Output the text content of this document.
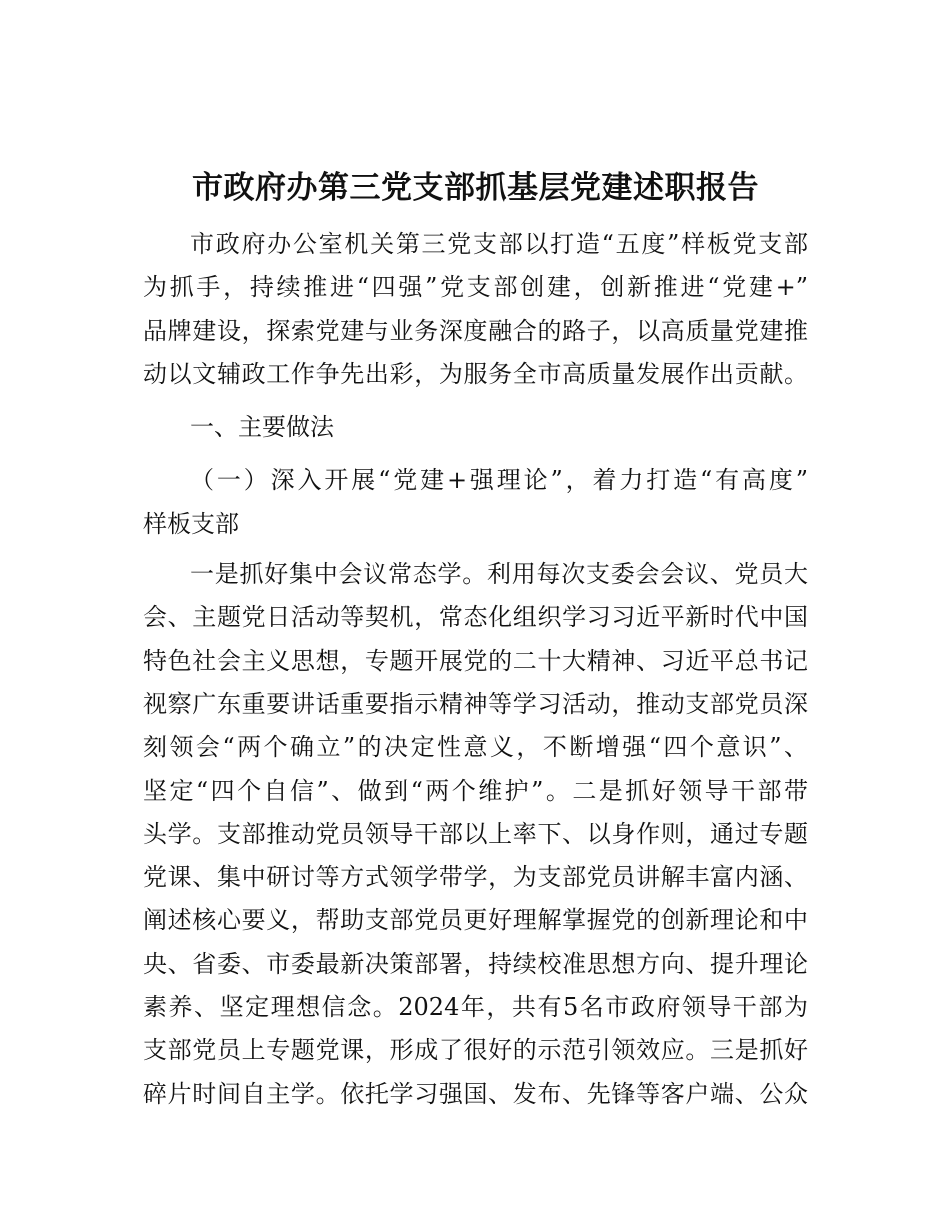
市政府办第三党支部抓基层党建述职报告
市政府办公室机关第三党支部以打造“五度”样板党支部
为抓手，持续推进“四强”党支部创建，创新推进“党建+”
品牌建设，探索党建与业务深度融合的路子，以高质量党建推
动以文辅政工作争先出彩，为服务全市高质量发展作出贡献。
一、主要做法
（一）深入开展“党建+强理论”，着力打造“有高度”
样板支部
一是抓好集中会议常态学。利用每次支委会会议、党员大
会、主题党日活动等契机，常态化组织学习习近平新时代中国
特色社会主义思想，专题开展党的二十大精神、习近平总书记
视察广东重要讲话重要指示精神等学习活动，推动支部党员深
刻领会“两个确立”的决定性意义，不断增强“四个意识”、
坚定“四个自信”、做到“两个维护”。二是抓好领导干部带
头学。支部推动党员领导干部以上率下、以身作则，通过专题
党课、集中研讨等方式领学带学，为支部党员讲解丰富内涵、
阐述核心要义，帮助支部党员更好理解掌握党的创新理论和中
央、省委、市委最新决策部署，持续校准思想方向、提升理论
素养、坚定理想信念。2024年，共有5名市政府领导干部为
支部党员上专题党课，形成了很好的示范引领效应。三是抓好
碎片时间自主学。依托学习强国、发布、先锋等客户端、公众
